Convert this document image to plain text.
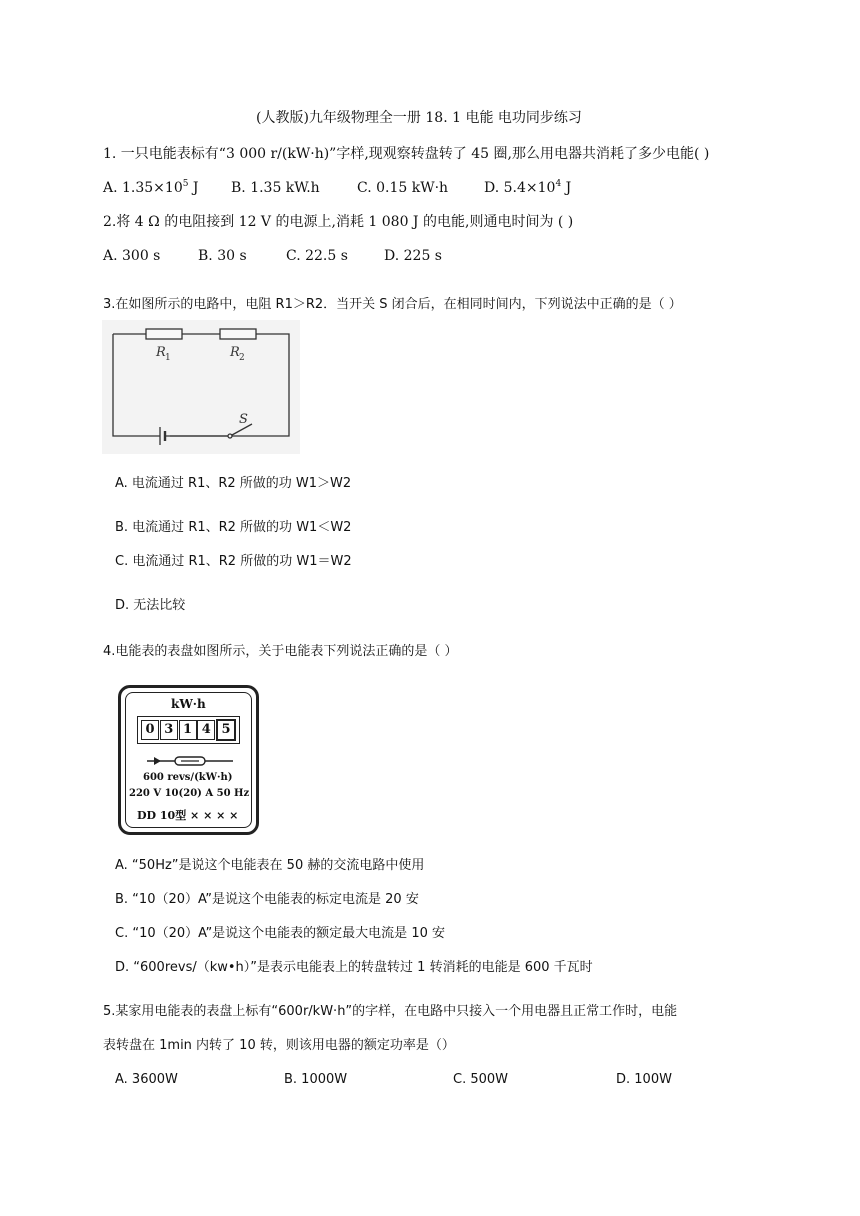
(人教版)九年级物理全一册 18. 1 电能 电功同步练习
1. 一只电能表标有“3 000 r/(kW·h)”字样,现观察转盘转了 45 圈,那么用电器共消耗了多少电能( )
A. $1.35\times 10^5$ J B. 1.35 kW.h	C. 0.15 kW·h	D. $5.4\times 10^4$ J
2.将 4 Ω 的电阻接到 12 V 的电源上,消耗 1 080 J 的电能,则通电时间为 ( )
A. 300 s	B. 30 s	C. 22.5 s	D. 225 s
3.在如图所示的电路中，电阻 R1＞R2．当开关 S 闭合后，在相同时间内，下列说法中正确的是（ ）
R 1	R 2
S
A. 电流通过 R1、R2 所做的功 W1＞W2
B. 电流通过 R1、R2 所做的功 W1＜W2
C. 电流通过 R1、R2 所做的功 W1＝W2
D. 无法比较
4.电能表的表盘如图所示，关于电能表下列说法正确的是（ ）
kW·h
0 3 1 4 5
600 revs/(kW·h)
220 V 10(20) A 50 Hz
DD 10型 × × × ×
A. “50Hz”是说这个电能表在 50 赫的交流电路中使用
B. “10（20）A”是说这个电能表的标定电流是 20 安
C. “10（20）A”是说这个电能表的额定最大电流是 10 安
D. “600revs/（kw•h）”是表示电能表上的转盘转过 1 转消耗的电能是 600 千瓦时
5.某家用电能表的表盘上标有“600r/kW·h”的字样，在电路中只接入一个用电器且正常工作时，电能
表转盘在 1min 内转了 10 转，则该用电器的额定功率是（）
A. 3600W	B. 1000W	C. 500W	D. 100W
